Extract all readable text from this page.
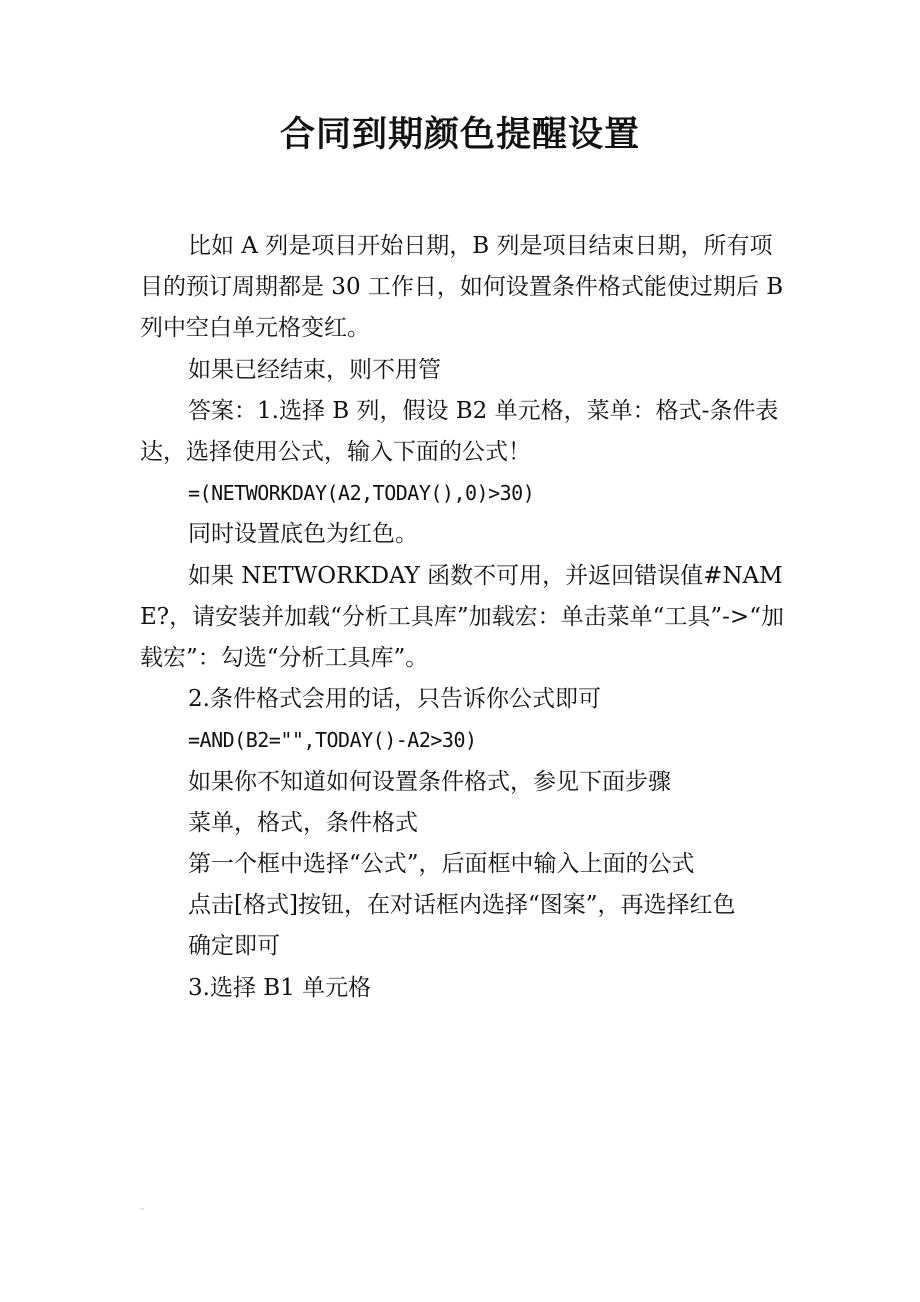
合同到期颜色提醒设置

比如 A 列是项目开始日期，B 列是项目结束日期，所有项目的预订周期都是 30 工作日，如何设置条件格式能使过期后 B 列中空白单元格变红。

如果已经结束，则不用管

答案：1.选择 B 列，假设 B2 单元格，菜单：格式-条件表达，选择使用公式，输入下面的公式！

=(NETWORKDAY(A2,TODAY(),0)>30)

同时设置底色为红色。

如果 NETWORKDAY 函数不可用，并返回错误值#NAME?，请安装并加载“分析工具库”加载宏：单击菜单“工具”->“加载宏”：勾选“分析工具库”。

2.条件格式会用的话，只告诉你公式即可

=AND(B2="",TODAY()-A2>30)

如果你不知道如何设置条件格式，参见下面步骤

菜单，格式，条件格式

第一个框中选择“公式”，后面框中输入上面的公式

点击[格式]按钮，在对话框内选择“图案”，再选择红色

确定即可

3.选择 B1 单元格
